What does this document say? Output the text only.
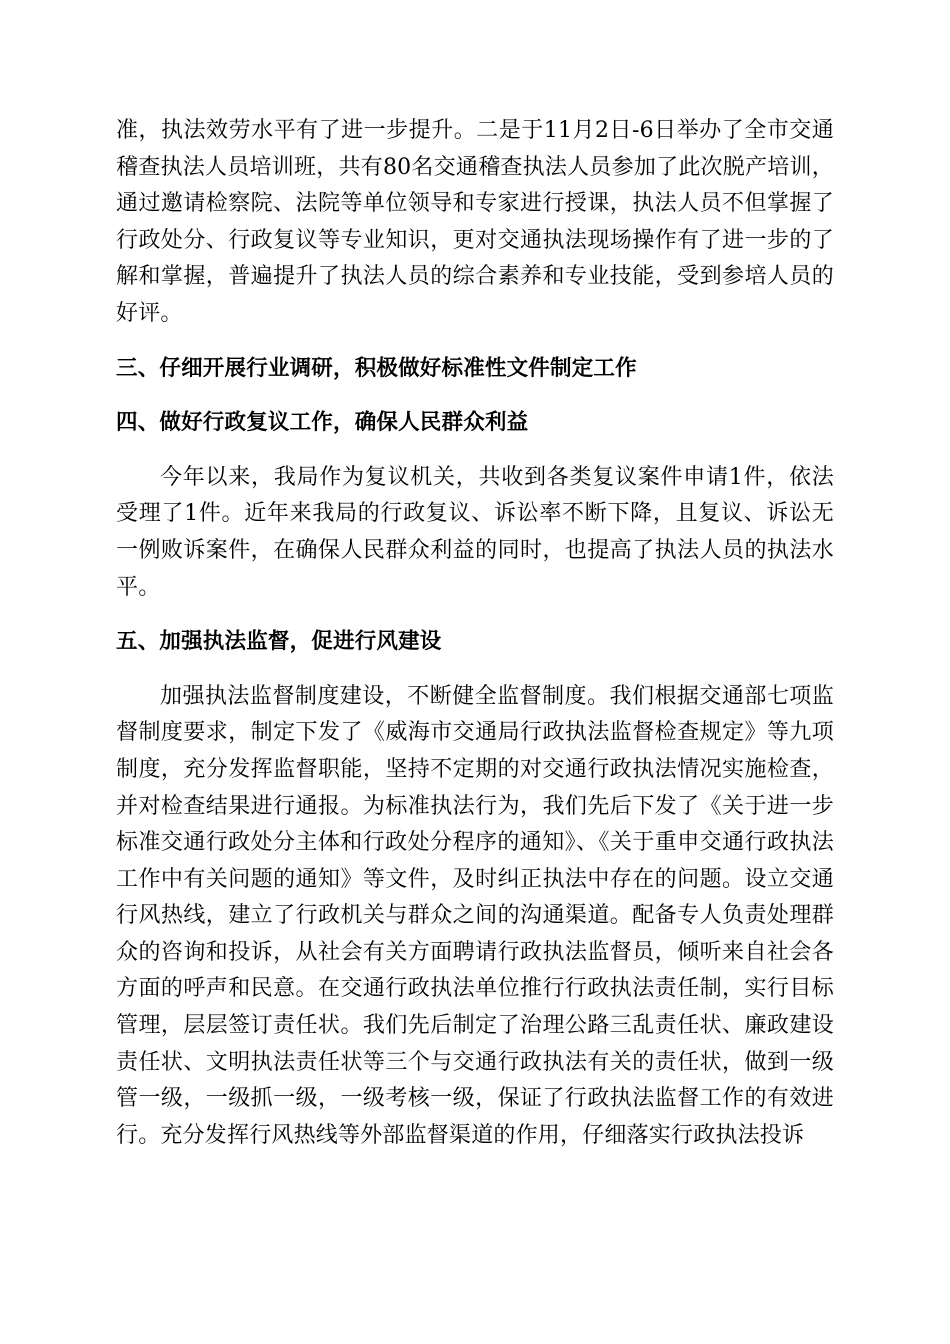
准，执法效劳水平有了进一步提升。二是于11月2日-6日举办了全市交通稽查执法人员培训班，共有80名交通稽查执法人员参加了此次脱产培训，通过邀请检察院、法院等单位领导和专家进行授课，执法人员不但掌握了行政处分、行政复议等专业知识，更对交通执法现场操作有了进一步的了解和掌握，普遍提升了执法人员的综合素养和专业技能，受到参培人员的好评。

三、仔细开展行业调研，积极做好标准性文件制定工作

四、做好行政复议工作，确保人民群众利益

今年以来，我局作为复议机关，共收到各类复议案件申请1件，依法受理了1件。近年来我局的行政复议、诉讼率不断下降，且复议、诉讼无一例败诉案件，在确保人民群众利益的同时，也提高了执法人员的执法水平。

五、加强执法监督，促进行风建设

加强执法监督制度建设，不断健全监督制度。我们根据交通部七项监督制度要求，制定下发了《威海市交通局行政执法监督检查规定》等九项制度，充分发挥监督职能，坚持不定期的对交通行政执法情况实施检查，并对检查结果进行通报。为标准执法行为，我们先后下发了《关于进一步标准交通行政处分主体和行政处分程序的通知》、《关于重申交通行政执法工作中有关问题的通知》等文件，及时纠正执法中存在的问题。设立交通行风热线，建立了行政机关与群众之间的沟通渠道。配备专人负责处理群众的咨询和投诉，从社会有关方面聘请行政执法监督员，倾听来自社会各方面的呼声和民意。在交通行政执法单位推行行政执法责任制，实行目标管理，层层签订责任状。我们先后制定了治理公路三乱责任状、廉政建设责任状、文明执法责任状等三个与交通行政执法有关的责任状，做到一级管一级，一级抓一级，一级考核一级，保证了行政执法监督工作的有效进行。充分发挥行风热线等外部监督渠道的作用，仔细落实行政执法投诉
